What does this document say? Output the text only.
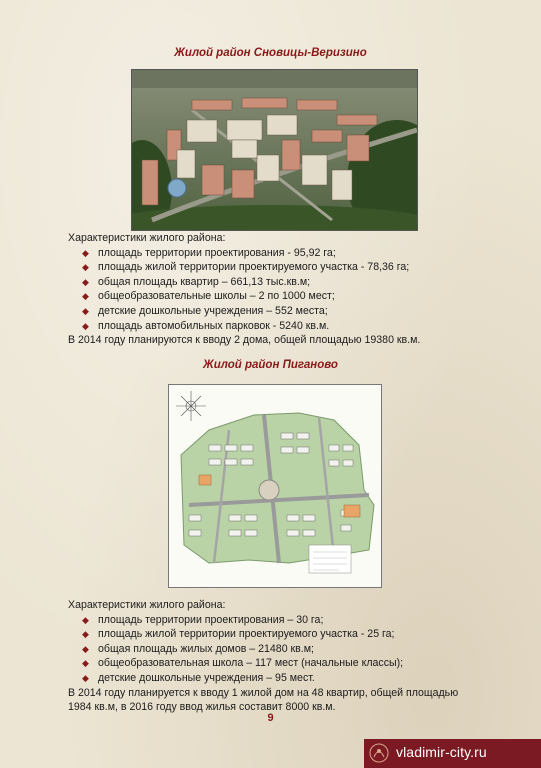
Жилой район Сновицы-Веризино
Характеристики жилого района:
◆ площадь территории проектирования - 95,92 га;
◆ площадь жилой территории проектируемого участка - 78,36 га;
◆ общая площадь квартир – 661,13 тыс.кв.м;
◆ общеобразовательные школы – 2 по 1000 мест;
◆ детские дошкольные учреждения – 552 места;
◆ площадь автомобильных парковок - 5240 кв.м.
В 2014 году планируются к вводу 2 дома, общей площадью 19380 кв.м.
Жилой район Пиганово
Характеристики жилого района:
◆ площадь территории проектирования – 30 га;
◆ площадь жилой территории проектируемого участка - 25 га;
◆ общая площадь жилых домов – 21480 кв.м;
◆ общеобразовательная школа – 117 мест (начальные классы);
◆ детские дошкольные учреждения – 95 мест.
В 2014 году планируется к вводу 1 жилой дом на 48 квартир, общей площадью
1984 кв.м, в 2016 году ввод жилья составит 8000 кв.м.
9
vladimir-city.ru
